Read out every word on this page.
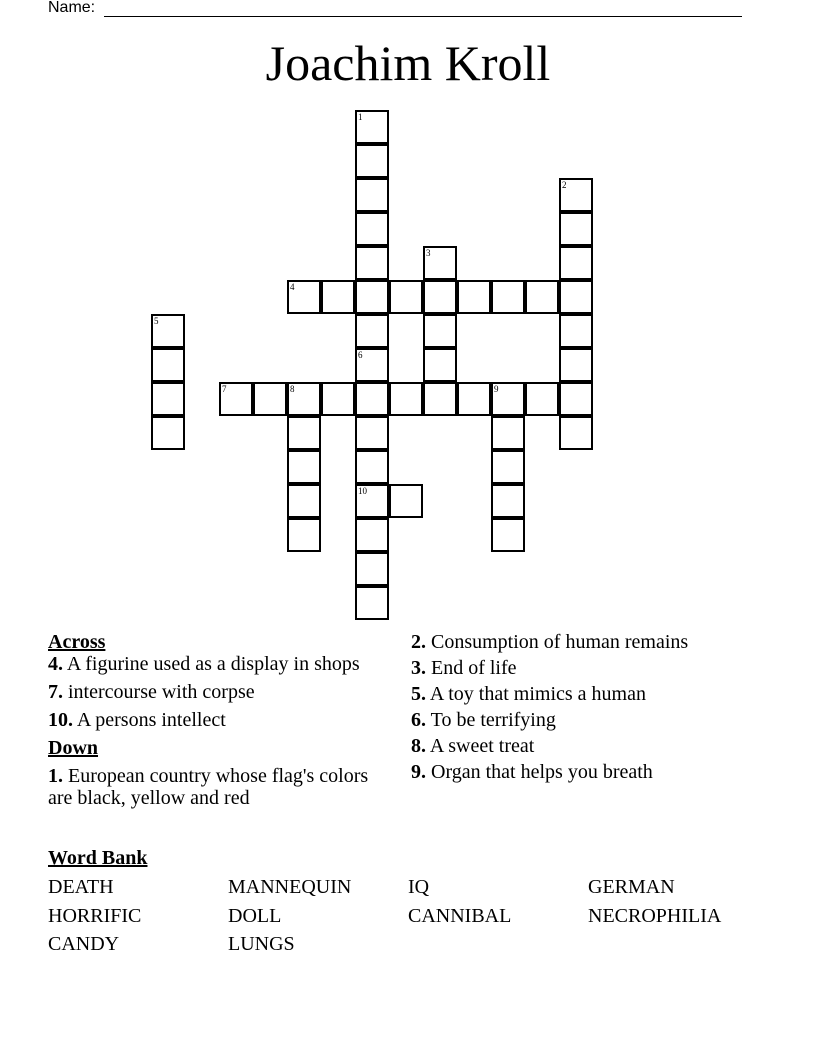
Name:
Joachim Kroll
1
6
2
3
4
5
10
7	8	9
Across
4. A figurine used as a display in shops
7. intercourse with corpse
10. A persons intellect
Down
1. European country whose flag's colors are black, yellow and red
2. Consumption of human remains
3. End of life
5. A toy that mimics a human
6. To be terrifying
8. A sweet treat
9. Organ that helps you breath
Word Bank
DEATH	MANNEQUIN	IQ	GERMAN
HORRIFIC	DOLL	CANNIBAL	NECROPHILIA
CANDY	LUNGS
